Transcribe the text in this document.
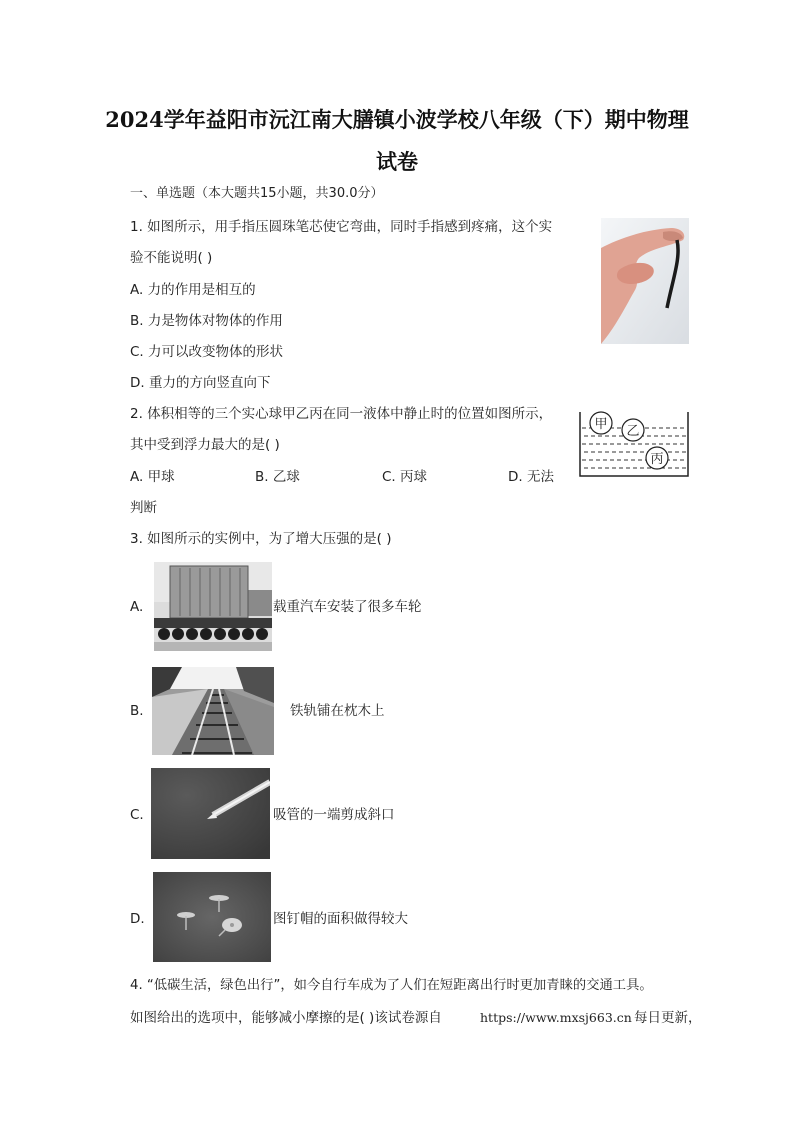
2024学年益阳市沅江南大膳镇小波学校八年级（下）期中物理
试卷
一、单选题（本大题共15小题，共30.0分）
1. 如图所示，用手指压圆珠笔芯使它弯曲，同时手指感到疼痛，这个实
验不能说明( )
A. 力的作用是相互的
B. 力是物体对物体的作用
C. 力可以改变物体的形状
D. 重力的方向竖直向下
2. 体积相等的三个实心球甲乙丙在同一液体中静止时的位置如图所示，
其中受到浮力最大的是( )
A. 甲球	B. 乙球	C. 丙球	D. 无法
判断
甲 乙
丙
3. 如图所示的实例中，为了增大压强的是( )
A.	载重汽车安装了很多车轮
B.	铁轨铺在枕木上
C.	吸管的一端剪成斜口
D.	图钉帽的面积做得较大
4. “低碳生活，绿色出行”，如今自行车成为了人们在短距离出行时更加青睐的交通工具。
如图给出的选项中，能够减小摩擦的是( )该试卷源自	https://www.mxsj663.cn 每日更新，
